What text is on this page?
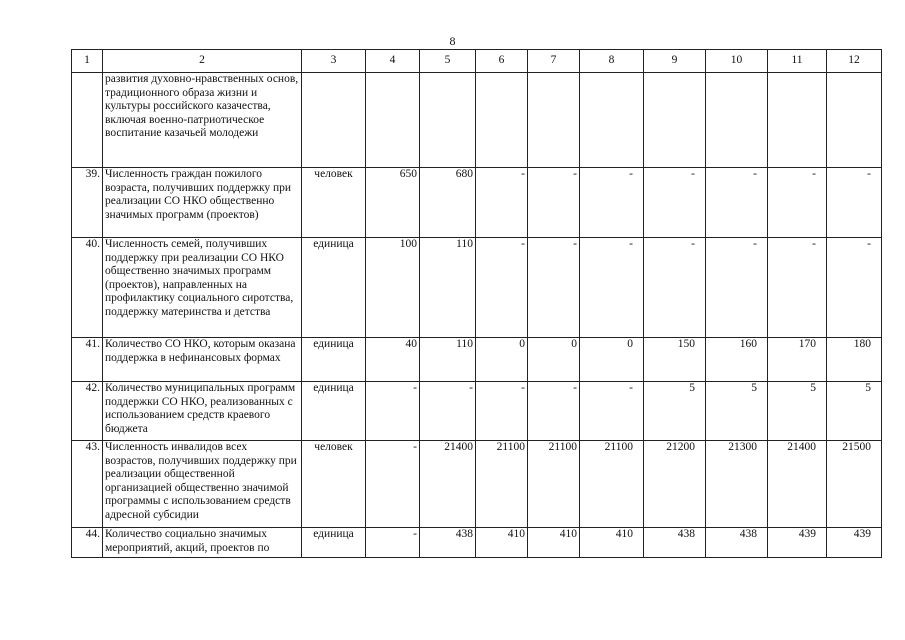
8
1	2	3	4	5	6	7	8	9	10	11	12
	развития духовно-нравственных основ, традиционного образа жизни и культуры российского казачества, включая военно-патриотическое воспитание казачьей молодежи										
39.	Численность граждан пожилого возраста, получивших поддержку при реализации СО НКО общественно значимых программ (проектов)	человек	650	680	-	-	-	-	-	-	-
40.	Численность семей, получивших поддержку при реализации СО НКО общественно значимых программ (проектов), направленных на профилактику социального сиротства, поддержку материнства и детства	единица	100	110	-	-	-	-	-	-	-
41.	Количество СО НКО, которым оказана поддержка в нефинансовых формах	единица	40	110	0	0	0	150	160	170	180
42.	Количество муниципальных программ поддержки СО НКО, реализованных с использованием средств краевого бюджета	единица	-	-	-	-	-	5	5	5	5
43.	Численность инвалидов всех возрастов, получивших поддержку при реализации общественной организацией общественно значимой программы с использованием средств адресной субсидии	человек	-	21400	21100	21100	21100	21200	21300	21400	21500
44.	Количество социально значимых мероприятий, акций, проектов по	единица	-	438	410	410	410	438	438	439	439
